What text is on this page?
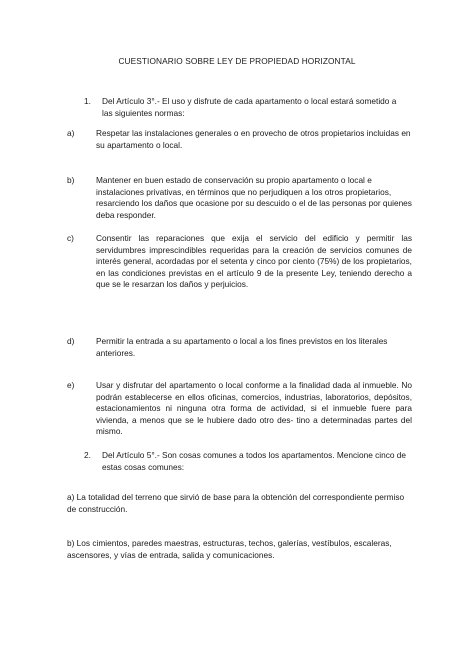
CUESTIONARIO SOBRE LEY DE PROPIEDAD HORIZONTAL
1. Del Artículo 3°.- El uso y disfrute de cada apartamento o local estará sometido a las siguientes normas:
a)	Respetar las instalaciones generales o en provecho de otros propietarios incluidas en su apartamento o local.
b)	Mantener en buen estado de conservación su propio apartamento o local e instalaciones privativas, en términos que no perjudiquen a los otros propietarios, resarciendo los daños que ocasione por su descuido o el de las personas por quienes deba responder.
c)	Consentir las reparaciones que exija el servicio del edificio y permitir las servidumbres imprescindibles requeridas para la creación de servicios comunes de interés general, acordadas por el setenta y cinco por ciento (75%) de los propietarios, en las condiciones previstas en el artículo 9 de la presente Ley, teniendo derecho a que se le resarzan los daños y perjuicios.
d)	Permitir la entrada a su apartamento o local a los fines previstos en los literales anteriores.
e)	Usar y disfrutar del apartamento o local conforme a la finalidad dada al inmueble. No podrán establecerse en ellos oficinas, comercios, industrias, laboratorios, depósitos, estacionamientos ni ninguna otra forma de actividad, si el inmueble fuere para vivienda, a menos que se le hubiere dado otro des- tino a determinadas partes del mismo.
2. Del Artículo 5°.- Son cosas comunes a todos los apartamentos. Mencione cinco de estas cosas comunes:
a) La totalidad del terreno que sirvió de base para la obtención del correspondiente permiso de construcción.
b) Los cimientos, paredes maestras, estructuras, techos, galerías, vestíbulos, escaleras, ascensores, y vías de entrada, salida y comunicaciones.
